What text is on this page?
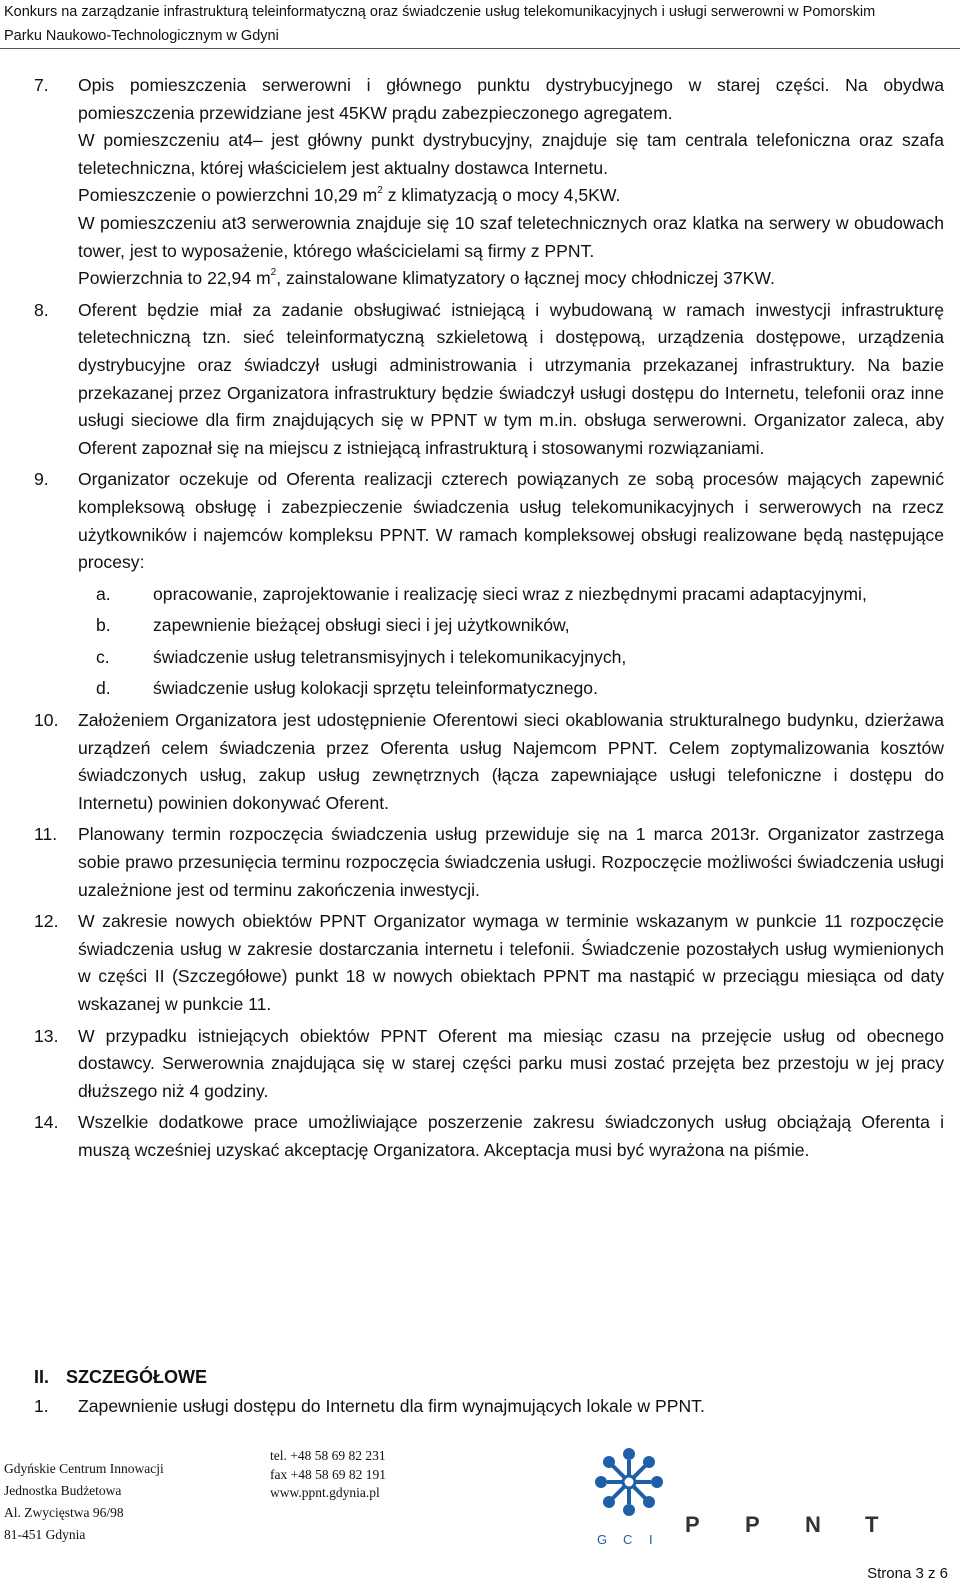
Konkurs na zarządzanie infrastrukturą teleinformatyczną oraz świadczenie usług telekomunikacyjnych i usługi serwerowni w Pomorskim
Parku Naukowo-Technologicznym w Gdyni
7.	Opis pomieszczenia serwerowni i głównego punktu dystrybucyjnego w starej części. Na obydwa pomieszczenia przewidziane jest 45KW prądu zabezpieczonego agregatem.

W pomieszczeniu at4– jest główny punkt dystrybucyjny, znajduje się tam centrala telefoniczna oraz szafa teletechniczna, której właścicielem jest aktualny dostawca Internetu.

Pomieszczenie o powierzchni 10,29 $m^2$ z klimatyzacją o mocy 4,5KW.

W pomieszczeniu at3 serwerownia znajduje się 10 szaf teletechnicznych oraz klatka na serwery w obudowach tower, jest to wyposażenie, którego właścicielami są firmy z PPNT.

Powierzchnia to 22,94 $m^2$, zainstalowane klimatyzatory o łącznej mocy chłodniczej 37KW.

8.	Oferent będzie miał za zadanie obsługiwać istniejącą i wybudowaną w ramach inwestycji infrastrukturę teletechniczną tzn. sieć teleinformatyczną szkieletową i dostępową, urządzenia dostępowe, urządzenia dystrybucyjne oraz świadczył usługi administrowania i utrzymania przekazanej infrastruktury. Na bazie przekazanej przez Organizatora infrastruktury będzie świadczył usługi dostępu do Internetu, telefonii oraz inne usługi sieciowe dla firm znajdujących się w PPNT w tym m.in. obsługa serwerowni. Organizator zaleca, aby Oferent zapoznał się na miejscu z istniejącą infrastrukturą i stosowanymi rozwiązaniami.

9.	Organizator oczekuje od Oferenta realizacji czterech powiązanych ze sobą procesów mających zapewnić kompleksową obsługę i zabezpieczenie świadczenia usług telekomunikacyjnych i serwerowych na rzecz użytkowników i najemców kompleksu PPNT. W ramach kompleksowej obsługi realizowane będą następujące procesy:

a.	opracowanie, zaprojektowanie i realizację sieci wraz z niezbędnymi pracami adaptacyjnymi,
b.	zapewnienie bieżącej obsługi sieci i jej użytkowników,
c.	świadczenie usług teletransmisyjnych i telekomunikacyjnych,
d.	świadczenie usług kolokacji sprzętu teleinformatycznego.
10.	Założeniem Organizatora jest udostępnienie Oferentowi sieci okablowania strukturalnego budynku, dzierżawa urządzeń celem świadczenia przez Oferenta usług Najemcom PPNT. Celem zoptymalizowania kosztów świadczonych usług, zakup usług zewnętrznych (łącza zapewniające usługi telefoniczne i dostępu do Internetu) powinien dokonywać Oferent.

11.	Planowany termin rozpoczęcia świadczenia usług przewiduje się na 1 marca 2013r. Organizator zastrzega sobie prawo przesunięcia terminu rozpoczęcia świadczenia usługi. Rozpoczęcie możliwości świadczenia usługi uzależnione jest od terminu zakończenia inwestycji.

12.	W zakresie nowych obiektów PPNT Organizator wymaga w terminie wskazanym w punkcie 11 rozpoczęcie świadczenia usług w zakresie dostarczania internetu i telefonii. Świadczenie pozostałych usług wymienionych w części II (Szczegółowe) punkt 18 w nowych obiektach PPNT ma nastąpić w przeciągu miesiąca od daty wskazanej w punkcie 11.

13.	W przypadku istniejących obiektów PPNT Oferent ma miesiąc czasu na przejęcie usług od obecnego dostawcy. Serwerownia znajdująca się w starej części parku musi zostać przejęta bez przestoju w jej pracy dłuższego niż 4 godziny.

14.	Wszelkie dodatkowe prace umożliwiające poszerzenie zakresu świadczonych usług obciążają Oferenta i muszą wcześniej uzyskać akceptację Organizatora. Akceptacja musi być wyrażona na piśmie.

II. SZCZEGÓŁOWE
1.	Zapewnienie usługi dostępu do Internetu dla firm wynajmujących lokale w PPNT.
Gdyńskie Centrum Innowacji
Jednostka Budżetowa
Al. Zwycięstwa 96/98
81-451 Gdynia
tel. +48 58 69 82 231
fax +48 58 69 82 191
www.ppnt.gdynia.pl
G C I
P P N T
Strona 3 z 6
